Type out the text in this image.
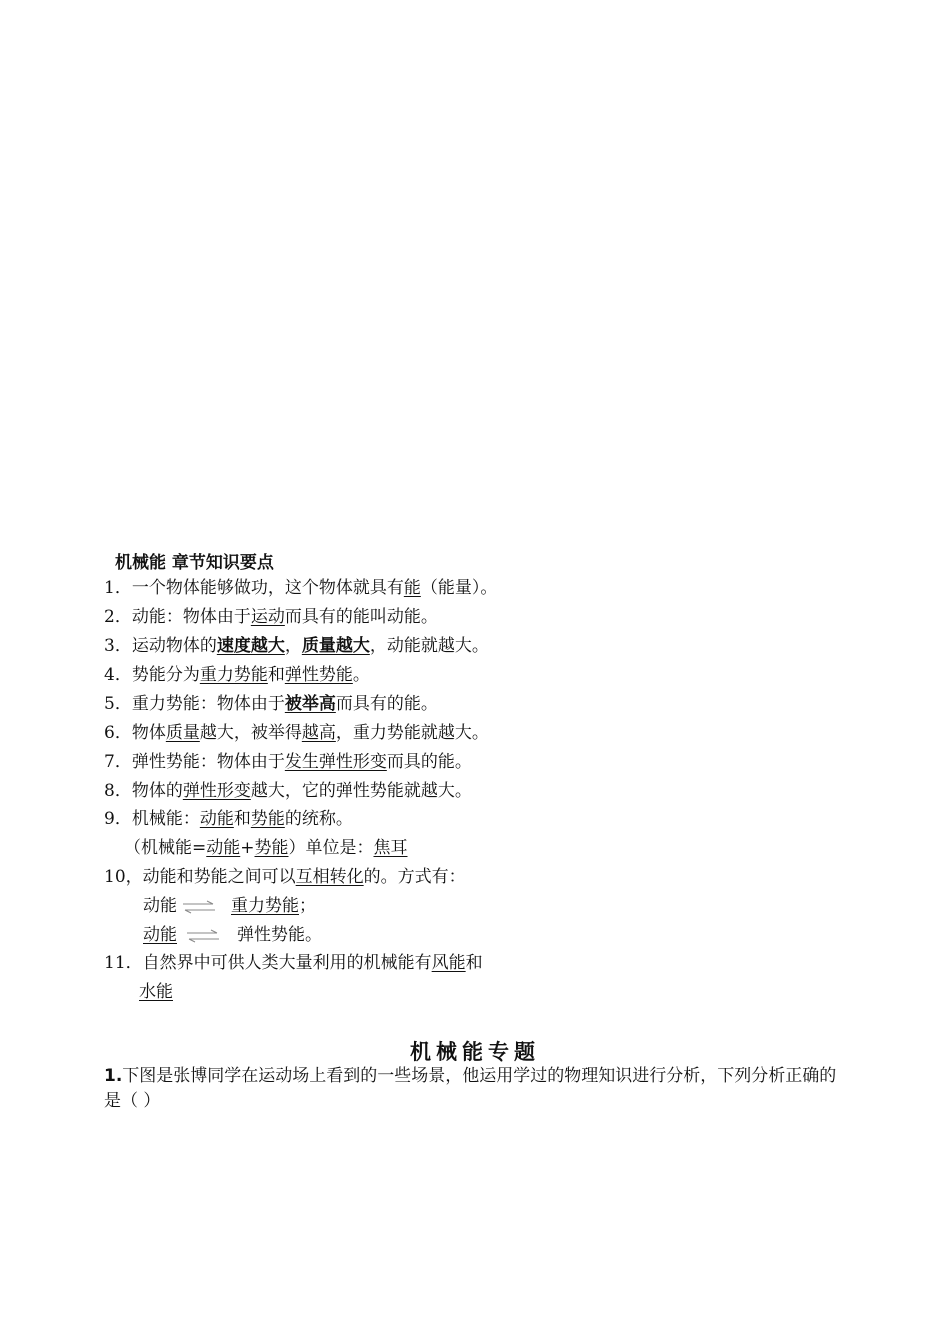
机械能 章节知识要点
1．一个物体能够做功，这个物体就具有能（能量）。
2．动能：物体由于运动而具有的能叫动能。
3．运动物体的速度越大，质量越大，动能就越大。
4．势能分为重力势能和弹性势能。
5．重力势能：物体由于被举高而具有的能。
6．物体质量越大，被举得越高，重力势能就越大。
7．弹性势能：物体由于发生弹性形变而具的能。
8．物体的弹性形变越大，它的弹性势能就越大。
9．机械能：动能和势能的统称。
（机械能=动能+势能）单位是：焦耳
10，动能和势能之间可以互相转化的。方式有：
动能	重力势能；
动能	弹性势能。
11．自然界中可供人类大量利用的机械能有风能和
水能
机械能专题
1.下图是张博同学在运动场上看到的一些场景，他运用学过的物理知识进行分析，下列分析正确的是（ ）
